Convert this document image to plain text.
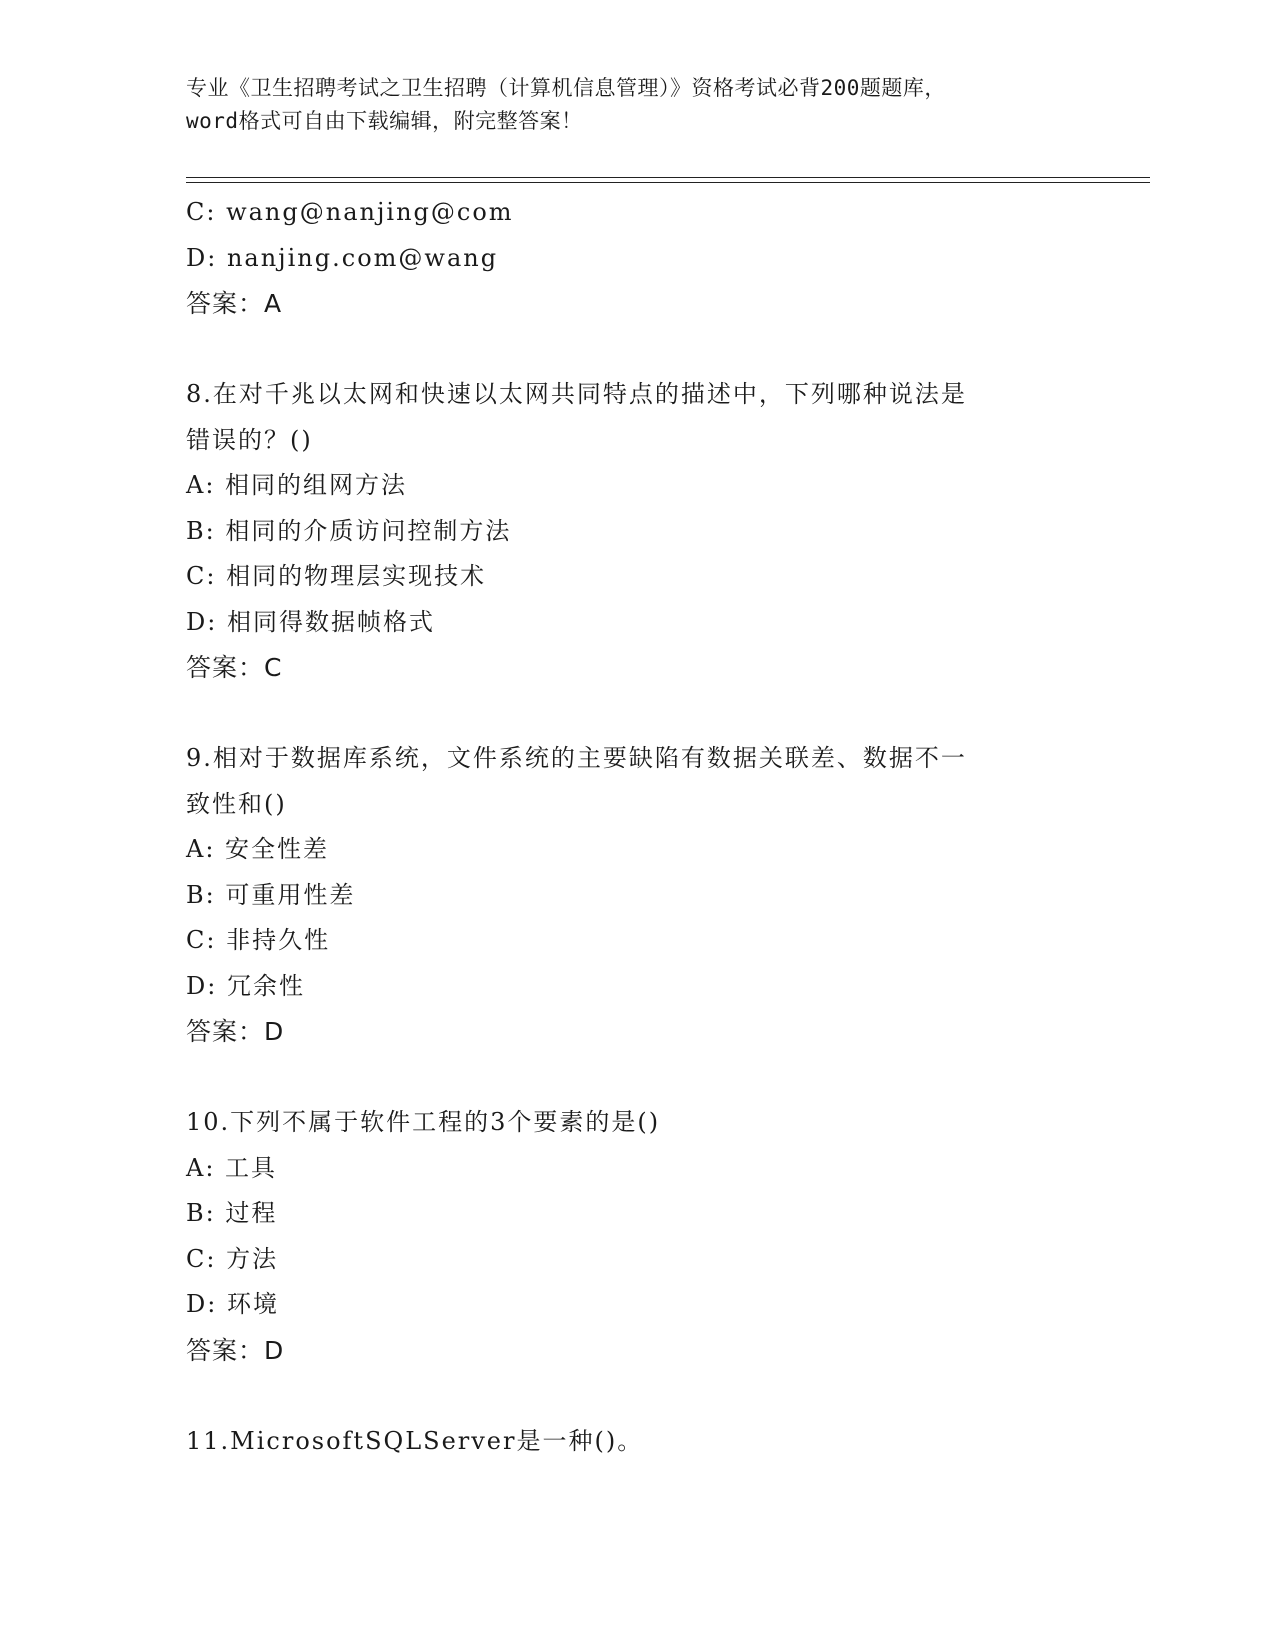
专业《卫生招聘考试之卫生招聘（计算机信息管理）》资格考试必背200题题库，
word格式可自由下载编辑，附完整答案！
C: wang@nanjing@com
D: nanjing.com@wang
答案：A
8.在对千兆以太网和快速以太网共同特点的描述中，下列哪种说法是
错误的？()
A: 相同的组网方法
B: 相同的介质访问控制方法
C: 相同的物理层实现技术
D: 相同得数据帧格式
答案：C
9.相对于数据库系统，文件系统的主要缺陷有数据关联差、数据不一
致性和()
A: 安全性差
B: 可重用性差
C: 非持久性
D: 冗余性
答案：D
10.下列不属于软件工程的3个要素的是()
A: 工具
B: 过程
C: 方法
D: 环境
答案：D
11.MicrosoftSQLServer是一种()。
